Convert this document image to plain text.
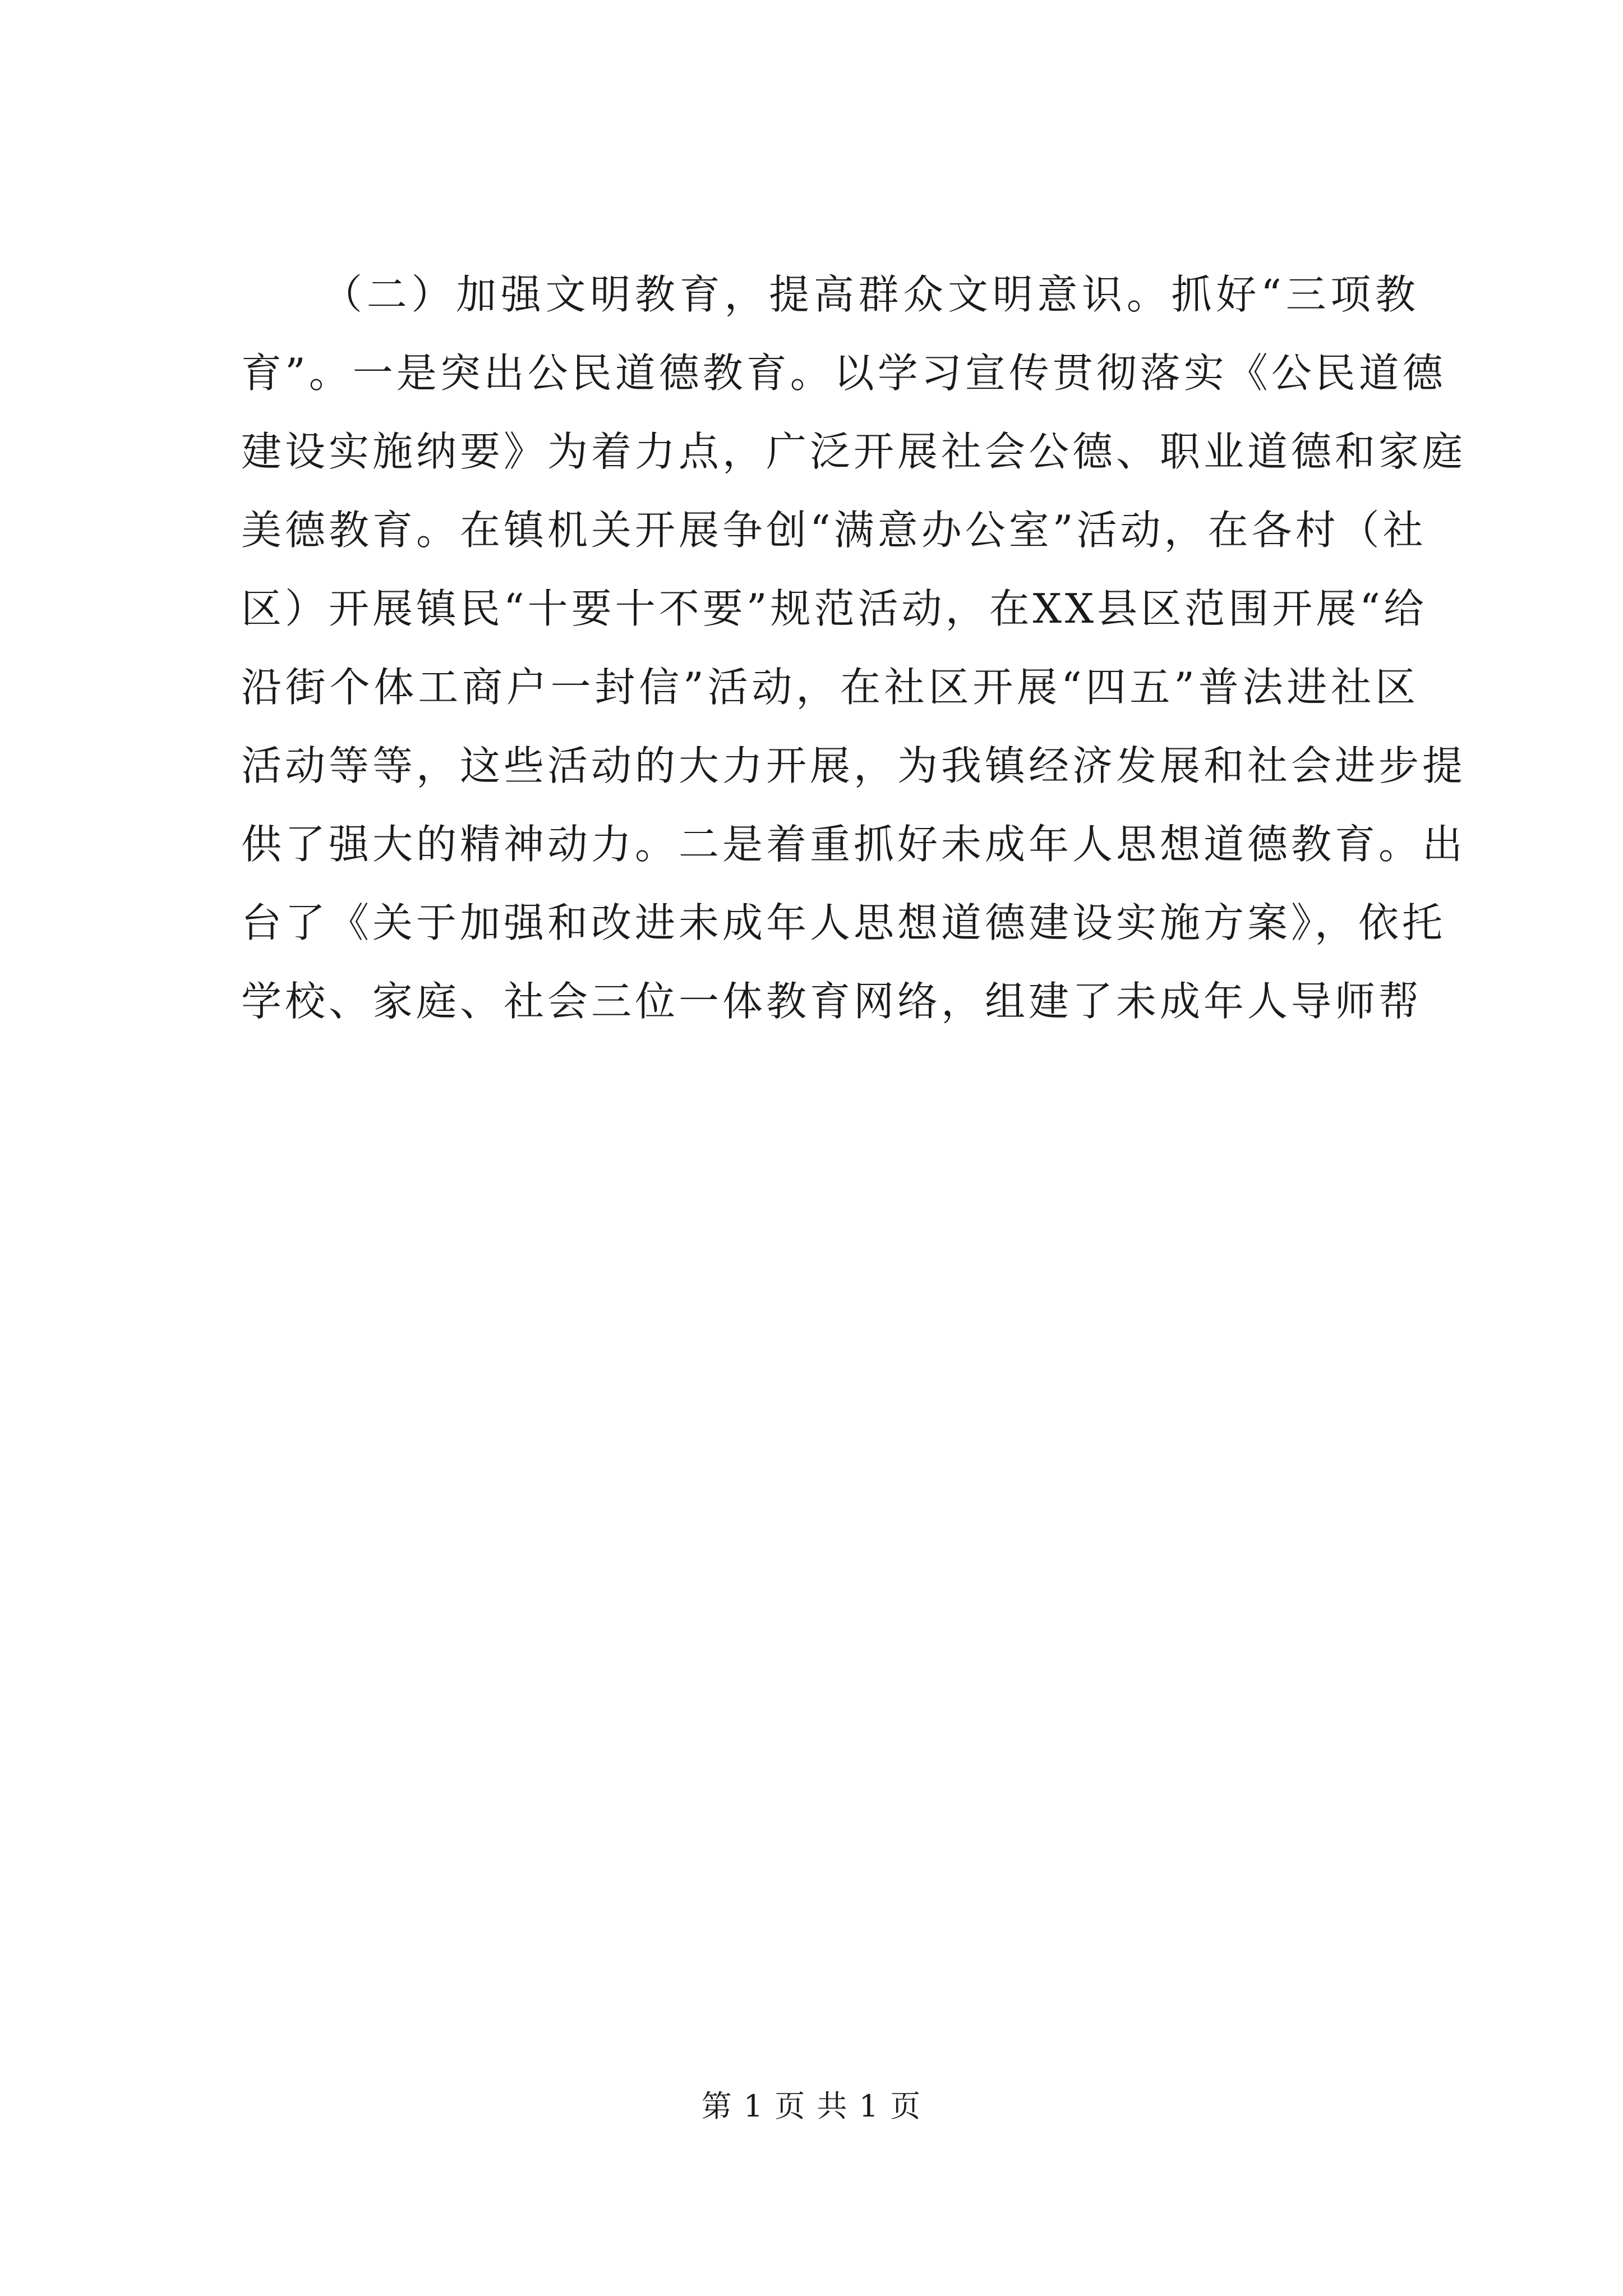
（二）加强文明教育，提高群众文明意识。抓好“三项教
育”。一是突出公民道德教育。以学习宣传贯彻落实《公民道德
建设实施纳要》为着力点，广泛开展社会公德、职业道德和家庭
美德教育。在镇机关开展争创“满意办公室”活动，在各村（社
区）开展镇民“十要十不要”规范活动，在XX县区范围开展“给
沿街个体工商户一封信”活动，在社区开展“四五”普法进社区
活动等等，这些活动的大力开展，为我镇经济发展和社会进步提
供了强大的精神动力。二是着重抓好未成年人思想道德教育。出
台了《关于加强和改进未成年人思想道德建设实施方案》，依托
学校、家庭、社会三位一体教育网络，组建了未成年人导师帮
第 1 页 共 1 页
